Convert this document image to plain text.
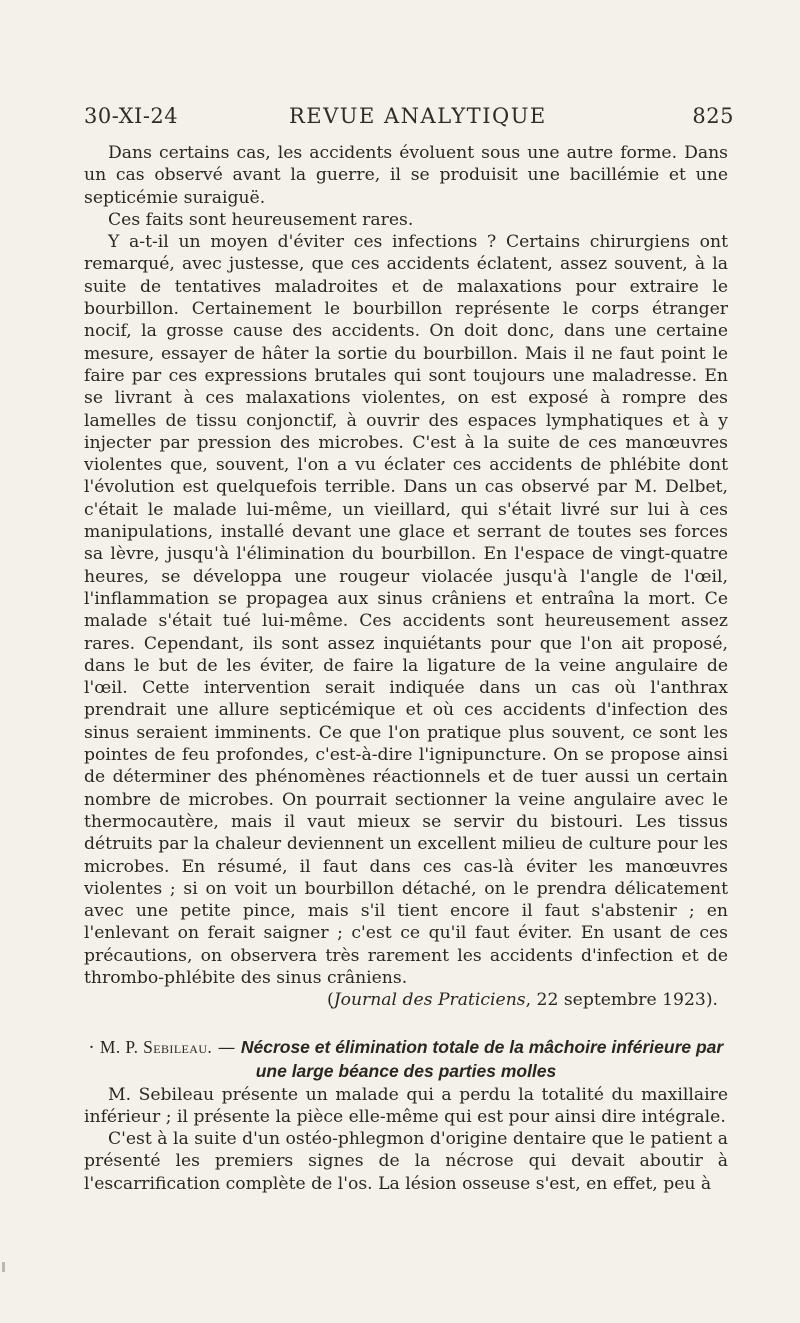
30-XI-24	REVUE ANALYTIQUE	825

Dans certains cas, les accidents évoluent sous une autre forme. Dans un cas observé avant la guerre, il se produisit une bacillémie et une septicémie suraiguë.

Ces faits sont heureusement rares.

Y a-t-il un moyen d'éviter ces infections ? Certains chirurgiens ont remarqué, avec justesse, que ces accidents éclatent, assez souvent, à la suite de tentatives maladroites et de malaxations pour extraire le bourbillon. Certainement le bourbillon représente le corps étranger nocif, la grosse cause des accidents. On doit donc, dans une certaine mesure, essayer de hâter la sortie du bourbillon. Mais il ne faut point le faire par ces expressions brutales qui sont toujours une maladresse. En se livrant à ces malaxations violentes, on est exposé à rompre des lamelles de tissu conjonctif, à ouvrir des espaces lymphatiques et à y injecter par pression des microbes. C'est à la suite de ces manœuvres violentes que, souvent, l'on a vu éclater ces accidents de phlébite dont l'évolution est quelquefois terrible. Dans un cas observé par M. Delbet, c'était le malade lui-même, un vieillard, qui s'était livré sur lui à ces manipulations, installé devant une glace et serrant de toutes ses forces sa lèvre, jusqu'à l'élimination du bourbillon. En l'espace de vingt-quatre heures, se développa une rougeur violacée jusqu'à l'angle de l'œil, l'inflammation se propagea aux sinus crâniens et entraîna la mort. Ce malade s'était tué lui-même. Ces accidents sont heureusement assez rares. Cependant, ils sont assez inquiétants pour que l'on ait proposé, dans le but de les éviter, de faire la ligature de la veine angulaire de l'œil. Cette intervention serait indiquée dans un cas où l'anthrax prendrait une allure septicémique et où ces accidents d'infection des sinus seraient imminents. Ce que l'on pratique plus souvent, ce sont les pointes de feu profondes, c'est-à-dire l'ignipuncture. On se propose ainsi de déterminer des phénomènes réactionnels et de tuer aussi un certain nombre de microbes. On pourrait sectionner la veine angulaire avec le thermocautère, mais il vaut mieux se servir du bistouri. Les tissus détruits par la chaleur deviennent un excellent milieu de culture pour les microbes. En résumé, il faut dans ces cas-là éviter les manœuvres violentes ; si on voit un bourbillon détaché, on le prendra délicatement avec une petite pince, mais s'il tient encore il faut s'abstenir ; en l'enlevant on ferait saigner ; c'est ce qu'il faut éviter. En usant de ces précautions, on observera très rarement les accidents d'infection et de thrombo-phlébite des sinus crâniens.

(Journal des Praticiens, 22 septembre 1923).

· M. P. Sebileau. — Nécrose et élimination totale de la mâchoire inférieure par une large béance des parties molles

M. Sebileau présente un malade qui a perdu la totalité du maxillaire inférieur ; il présente la pièce elle-même qui est pour ainsi dire intégrale.

C'est à la suite d'un ostéo-phlegmon d'origine dentaire que le patient a présenté les premiers signes de la nécrose qui devait aboutir à l'escarrification complète de l'os. La lésion osseuse s'est, en effet, peu à
